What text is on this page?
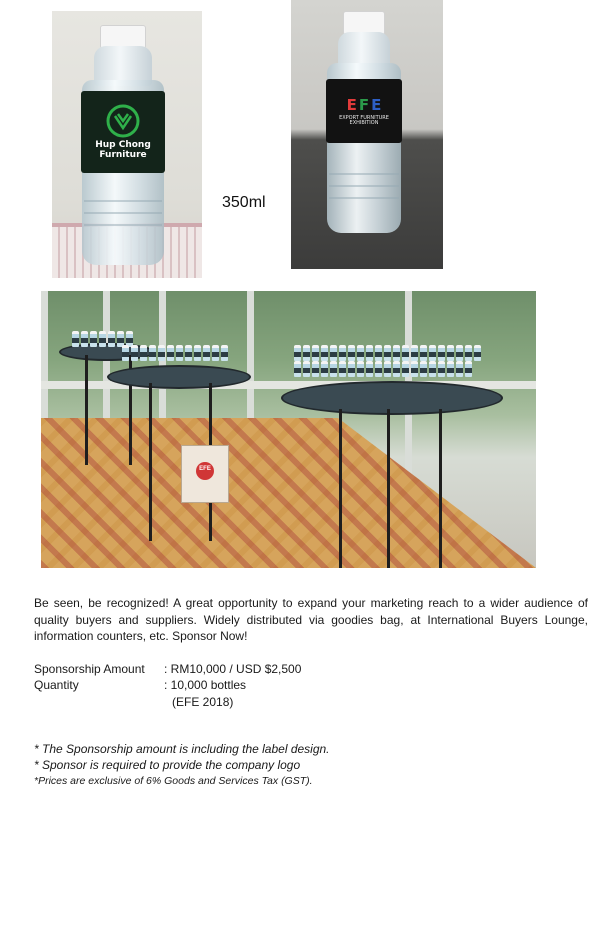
Hup Chong
Furniture
E F E
EXPORT FURNITURE
EXHIBITION
350ml
EFE
Be seen, be recognized! A great opportunity to expand your marketing reach to a wider audience of
quality buyers and suppliers. Widely distributed via goodies bag, at International Buyers Lounge,
information counters, etc. Sponsor Now!
Sponsorship Amount	: RM10,000 / USD $2,500
Quantity	: 10,000 bottles
(EFE 2018)
* The Sponsorship amount is including the label design.
* Sponsor is required to provide the company logo
*Prices are exclusive of 6% Goods and Services Tax (GST).
